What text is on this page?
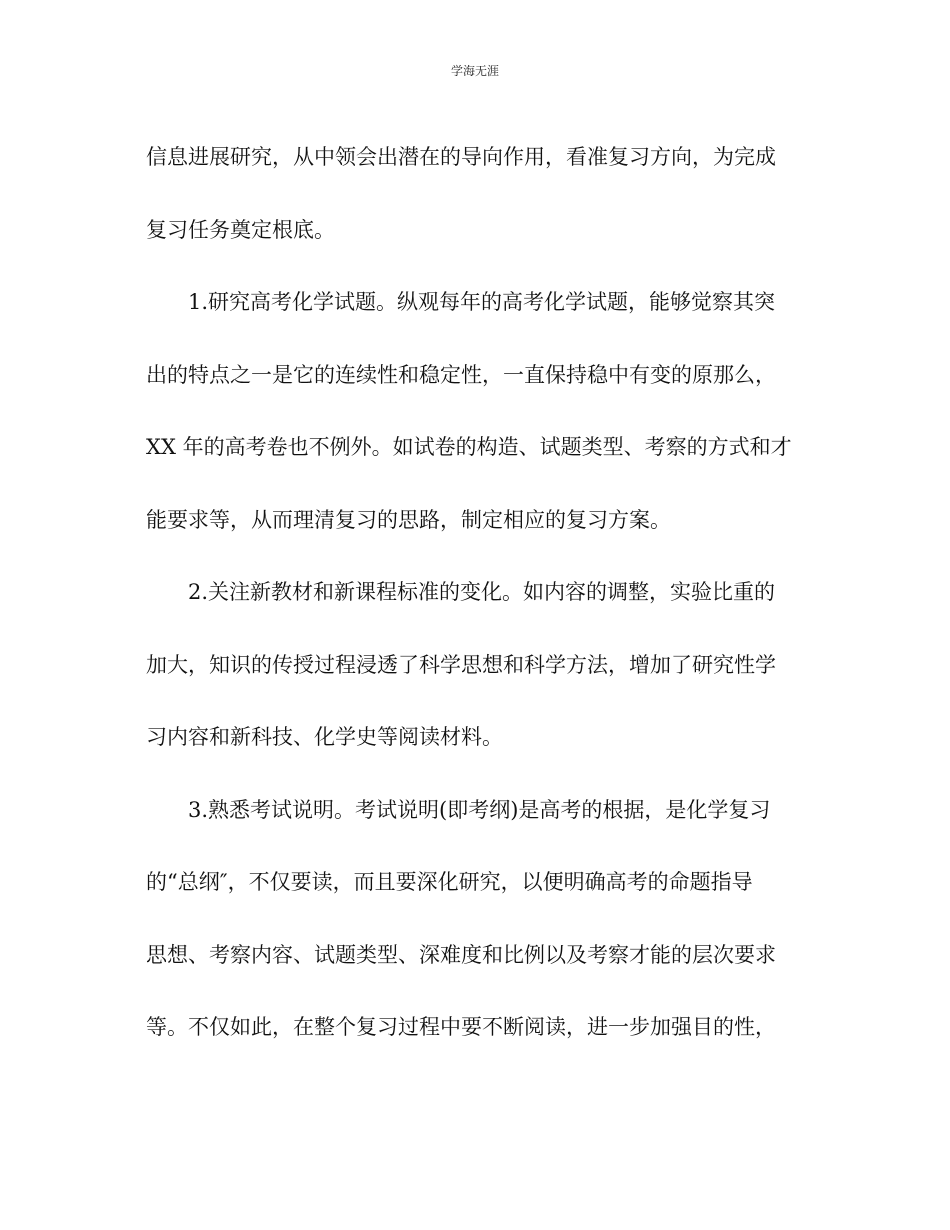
学海无涯
信息进展研究，从中领会出潜在的导向作用，看准复习方向，为完成
复习任务奠定根底。
1.研究高考化学试题。纵观每年的高考化学试题，能够觉察其突
出的特点之一是它的连续性和稳定性，一直保持稳中有变的原那么，
XX 年的高考卷也不例外。如试卷的构造、试题类型、考察的方式和才
能要求等，从而理清复习的思路，制定相应的复习方案。
2.关注新教材和新课程标准的变化。如内容的调整，实验比重的
加大，知识的传授过程浸透了科学思想和科学方法，增加了研究性学
习内容和新科技、化学史等阅读材料。
3.熟悉考试说明。考试说明(即考纲)是高考的根据，是化学复习
的“总纲″，不仅要读，而且要深化研究，以便明确高考的命题指导
思想、考察内容、试题类型、深难度和比例以及考察才能的层次要求
等。不仅如此，在整个复习过程中要不断阅读，进一步加强目的性，
